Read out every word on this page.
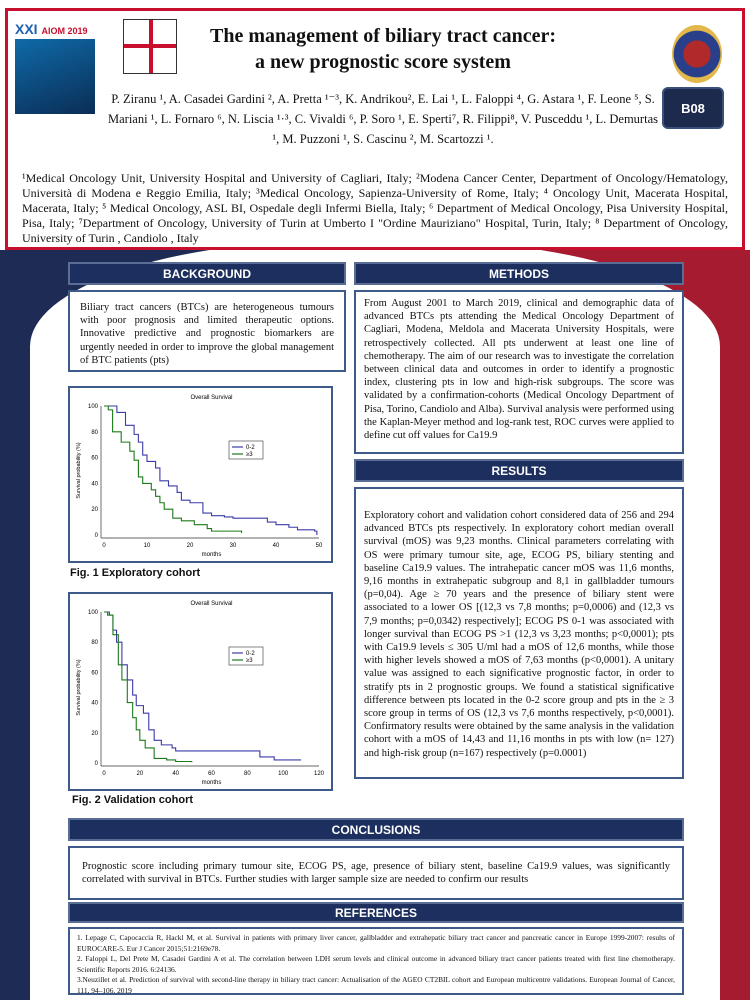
XXI AIOM 2019	The management of biliary tract cancer:
a new prognostic score system
B08
P. Ziranu ¹, A. Casadei Gardini ², A. Pretta ¹⁻³, K. Andrikou², E. Lai ¹, L. Faloppi ⁴, G. Astara ¹, F. Leone ⁵, S. Mariani ¹, L. Fornaro ⁶, N. Liscia ¹·³, C. Vivaldi ⁶, P. Soro ¹, E. Sperti⁷, R. Filippi⁸, V. Pusceddu ¹, L. Demurtas ¹, M. Puzzoni ¹, S. Cascinu ², M. Scartozzi ¹.
¹Medical Oncology Unit, University Hospital and University of Cagliari, Italy; ²Modena Cancer Center, Department of Oncology/Hematology, Università di Modena e Reggio Emilia, Italy; ³Medical Oncology, Sapienza-University of Rome, Italy; ⁴ Oncology Unit, Macerata Hospital, Macerata, Italy; ⁵ Medical Oncology, ASL BI, Ospedale degli Infermi Biella, Italy; ⁶ Department of Medical Oncology, Pisa University Hospital, Pisa, Italy; ⁷Department of Oncology, University of Turin at Umberto I "Ordine Mauriziano" Hospital, Turin, Italy; ⁸ Department of Oncology, University of Turin , Candiolo , Italy
BACKGROUND
Biliary tract cancers (BTCs) are heterogeneous tumours with poor prognosis and limited therapeutic options. Innovative predictive and prognostic biomarkers are urgently needed in order to improve the global management of BTC patients (pts)
Overall Survival
0
20
40
60
80
100
0	10	20	30	40	50
months
Survival probability (%)	0-2
≥3
Fig. 1 Exploratory cohort
Overall Survival
0
20
40
60
80
100
0	20	40	60	80	100	120
months
Survival probability (%)
0-2
≥3
Fig. 2 Validation cohort
METHODS
From August 2001 to March 2019, clinical and demographic data of advanced BTCs pts attending the Medical Oncology Department of Cagliari, Modena, Meldola and Macerata University Hospitals, were retrospectively collected. All pts underwent at least one line of chemotherapy. The aim of our research was to investigate the correlation between clinical data and outcomes in order to identify a prognostic index, clustering pts in low and high-risk subgroups. The score was validated by a confirmation-cohorts (Medical Oncology Department of Pisa, Torino, Candiolo and Alba). Survival analysis were performed using the Kaplan-Meyer method and log-rank test, ROC curves were applied to define cut off values for Ca19.9
RESULTS
Exploratory cohort and validation cohort considered data of 256 and 294 advanced BTCs pts respectively. In exploratory cohort median overall survival (mOS) was 9,23 months. Clinical parameters correlating with OS were primary tumour site, age, ECOG PS, biliary stenting and baseline Ca19.9 values. The intrahepatic cancer mOS was 11,6 months, 9,16 months in extrahepatic subgroup and 8,1 in gallbladder tumours (p=0,04). Age ≥ 70 years and the presence of biliary stent were associated to a lower OS [(12,3 vs 7,8 months; p=0,0006) and (12,3 vs 7,9 months; p=0,0342) respectively]; ECOG PS 0-1 was associated with longer survival than ECOG PS >1 (12,3 vs 3,23 months; p<0,0001); pts with Ca19.9 levels ≤ 305 U/ml had a mOS of 12,6 months, while those with higher levels showed a mOS of 7,63 months (p<0,0001). A unitary value was assigned to each significative prognostic factor, in order to stratify pts in 2 prognostic groups. We found a statistical significative difference between pts located in the 0-2 score group and pts in the ≥ 3 score group in terms of OS (12,3 vs 7,6 months respectively, p<0,0001). Confirmatory results were obtained by the same analysis in the validation cohort with a mOS of 14,43 and 11,16 months in pts with low (n= 127) and high-risk group (n=167) respectively (p=0.0001)
CONCLUSIONS
Prognostic score including primary tumour site, ECOG PS, age, presence of biliary stent, baseline Ca19.9 values, was significantly correlated with survival in BTCs. Further studies with larger sample size are needed to confirm our results
REFERENCES
1. Lepage C, Capocaccia R, Hackl M, et al. Survival in patients with primary liver cancer, gallbladder and extrahepatic biliary tract cancer and pancreatic cancer in Europe 1999-2007: results of EUROCARE-5. Eur J Cancer 2015;51:2169e78.
2. Faloppi L, Del Prete M, Casadei Gardini A et al. The correlation between LDH serum levels and clinical outcome in advanced biliary tract cancer patients treated with first line chemotherapy. Scientific Reports 2016. 6:24136.
3.Neuzillet et al. Prediction of survival with second-line therapy in biliary tract cancer: Actualisation of the AGEO CT2BIL cohort and European multicentre validations. European Journal of Cancer, 111, 94–106. 2019
